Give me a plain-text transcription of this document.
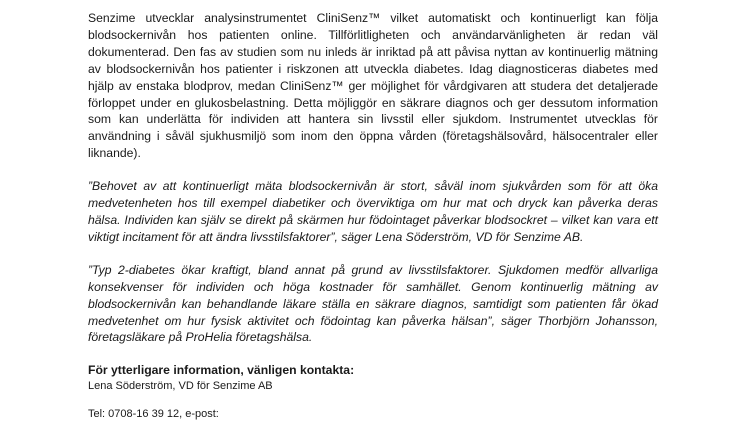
Senzime utvecklar analysinstrumentet CliniSenz™ vilket automatiskt och kontinuerligt kan följa blodsockernivån hos patienten online. Tillförlitligheten och användarvänligheten är redan väl dokumenterad. Den fas av studien som nu inleds är inriktad på att påvisa nyttan av kontinuerlig mätning av blodsockernivån hos patienter i riskzonen att utveckla diabetes. Idag diagnosticeras diabetes med hjälp av enstaka blodprov, medan CliniSenz™ ger möjlighet för vårdgivaren att studera det detaljerade förloppet under en glukosbelastning. Detta möjliggör en säkrare diagnos och ger dessutom information som kan underlätta för individen att hantera sin livsstil eller sjukdom. Instrumentet utvecklas för användning i såväl sjukhusmiljö som inom den öppna vården (företagshälsovård, hälsocentraler eller liknande).

”Behovet av att kontinuerligt mäta blodsockernivån är stort, såväl inom sjukvården som för att öka medvetenheten hos till exempel diabetiker och överviktiga om hur mat och dryck kan påverka deras hälsa. Individen kan själv se direkt på skärmen hur födointaget påverkar blodsockret – vilket kan vara ett viktigt incitament för att ändra livsstilsfaktorer”, säger Lena Söderström, VD för Senzime AB.

”Typ 2-diabetes ökar kraftigt, bland annat på grund av livsstilsfaktorer. Sjukdomen medför allvarliga konsekvenser för individen och höga kostnader för samhället. Genom kontinuerlig mätning av blodsockernivån kan behandlande läkare ställa en säkrare diagnos, samtidigt som patienten får ökad medvetenhet om hur fysisk aktivitet och födointag kan påverka hälsan”, säger Thorbjörn Johansson, företagsläkare på ProHelia företagshälsa.

För ytterligare information, vänligen kontakta:

Lena Söderström, VD för Senzime AB

Tel: 0708-16 39 12, e-post:
